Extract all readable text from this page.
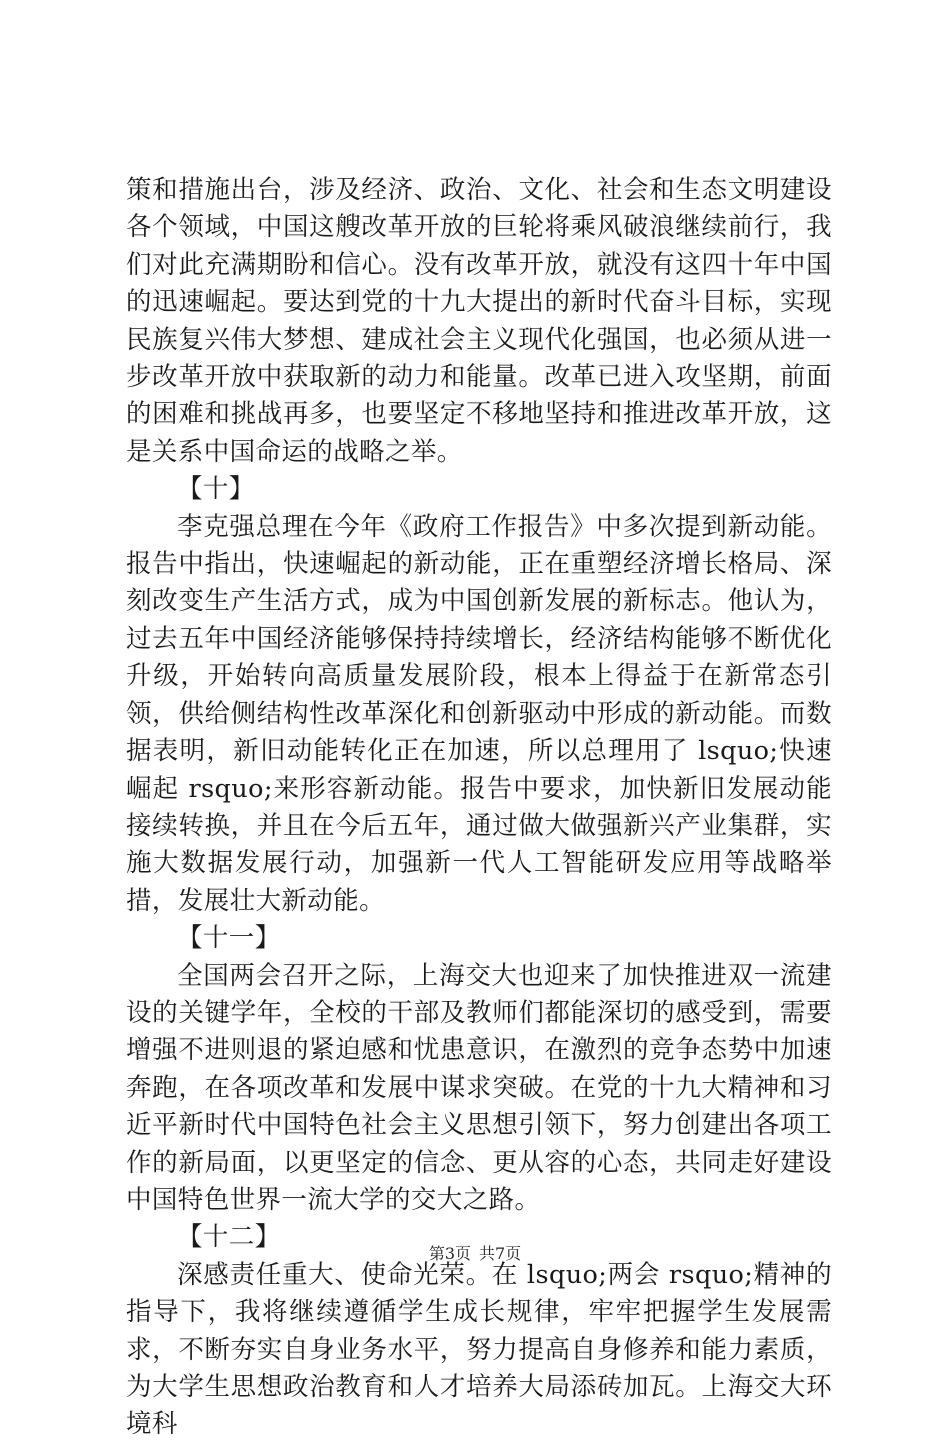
策和措施出台，涉及经济、政治、文化、社会和生态文明建设各个领域，中国这艘改革开放的巨轮将乘风破浪继续前行，我们对此充满期盼和信心。没有改革开放，就没有这四十年中国的迅速崛起。要达到党的十九大提出的新时代奋斗目标，实现民族复兴伟大梦想、建成社会主义现代化强国，也必须从进一步改革开放中获取新的动力和能量。改革已进入攻坚期，前面的困难和挑战再多，也要坚定不移地坚持和推进改革开放，这是关系中国命运的战略之举。

【十】

李克强总理在今年《政府工作报告》中多次提到新动能。报告中指出，快速崛起的新动能，正在重塑经济增长格局、深刻改变生产生活方式，成为中国创新发展的新标志。他认为，过去五年中国经济能够保持持续增长，经济结构能够不断优化升级，开始转向高质量发展阶段，根本上得益于在新常态引领，供给侧结构性改革深化和创新驱动中形成的新动能。而数据表明，新旧动能转化正在加速，所以总理用了 lsquo;快速崛起 rsquo;来形容新动能。报告中要求，加快新旧发展动能接续转换，并且在今后五年，通过做大做强新兴产业集群，实施大数据发展行动，加强新一代人工智能研发应用等战略举措，发展壮大新动能。

【十一】

全国两会召开之际，上海交大也迎来了加快推进双一流建设的关键学年，全校的干部及教师们都能深切的感受到，需要增强不进则退的紧迫感和忧患意识，在激烈的竞争态势中加速奔跑，在各项改革和发展中谋求突破。在党的十九大精神和习近平新时代中国特色社会主义思想引领下，努力创建出各项工作的新局面，以更坚定的信念、更从容的心态，共同走好建设中国特色世界一流大学的交大之路。

【十二】

深感责任重大、使命光荣。在 lsquo;两会 rsquo;精神的指导下，我将继续遵循学生成长规律，牢牢把握学生发展需求，不断夯实自身业务水平，努力提高自身修养和能力素质，为大学生思想政治教育和人才培养大局添砖加瓦。上海交大环境科

第3页 共7页
